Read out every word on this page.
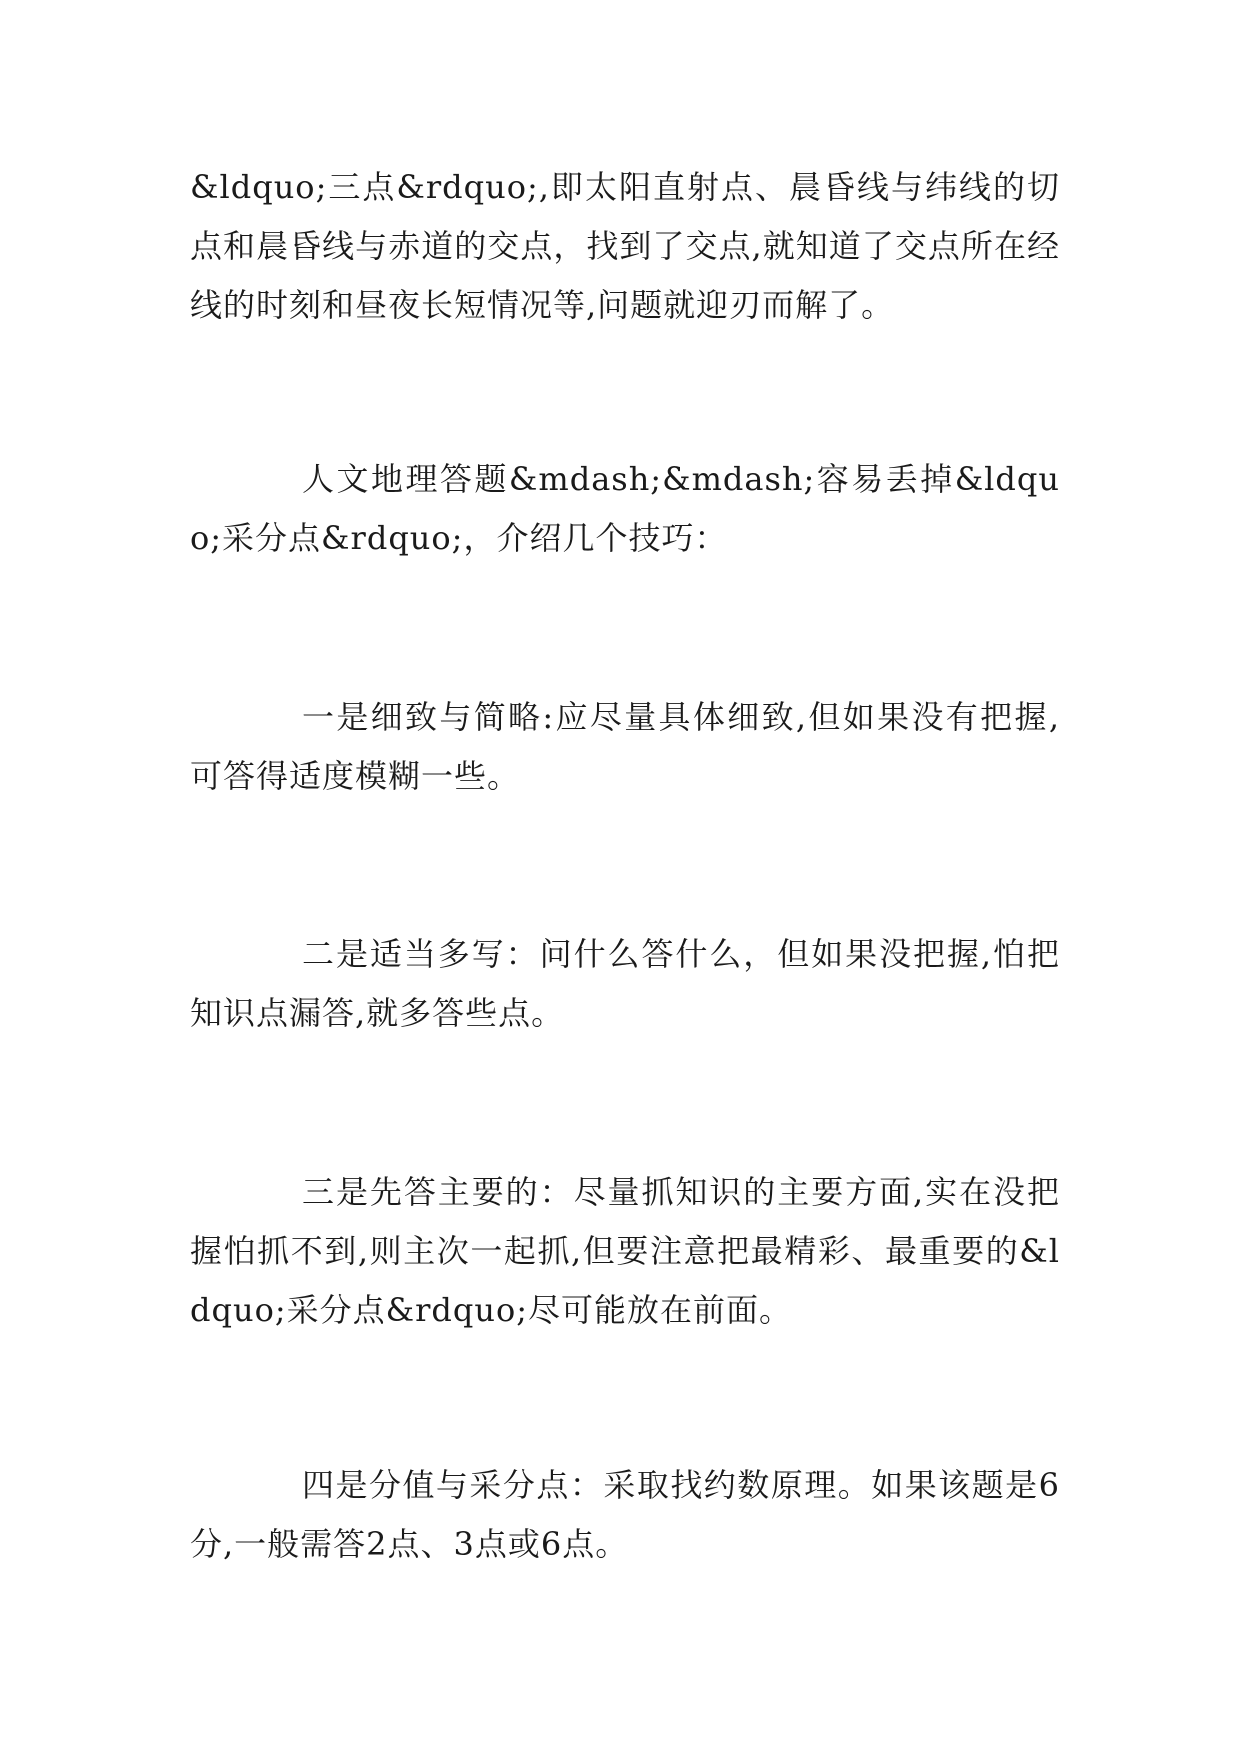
&ldquo;三点&rdquo;,即太阳直射点、晨昏线与纬线的切点和晨昏线与赤道的交点，找到了交点,就知道了交点所在经线的时刻和昼夜长短情况等,问题就迎刃而解了。

人文地理答题&mdash;&mdash;容易丢掉&ldquo;采分点&rdquo;，介绍几个技巧：

一是细致与简略:应尽量具体细致,但如果没有把握,可答得适度模糊一些。

二是适当多写：问什么答什么，但如果没把握,怕把知识点漏答,就多答些点。

三是先答主要的：尽量抓知识的主要方面,实在没把握怕抓不到,则主次一起抓,但要注意把最精彩、最重要的&ldquo;采分点&rdquo;尽可能放在前面。

四是分值与采分点：采取找约数原理。如果该题是6分,一般需答2点、3点或6点。
